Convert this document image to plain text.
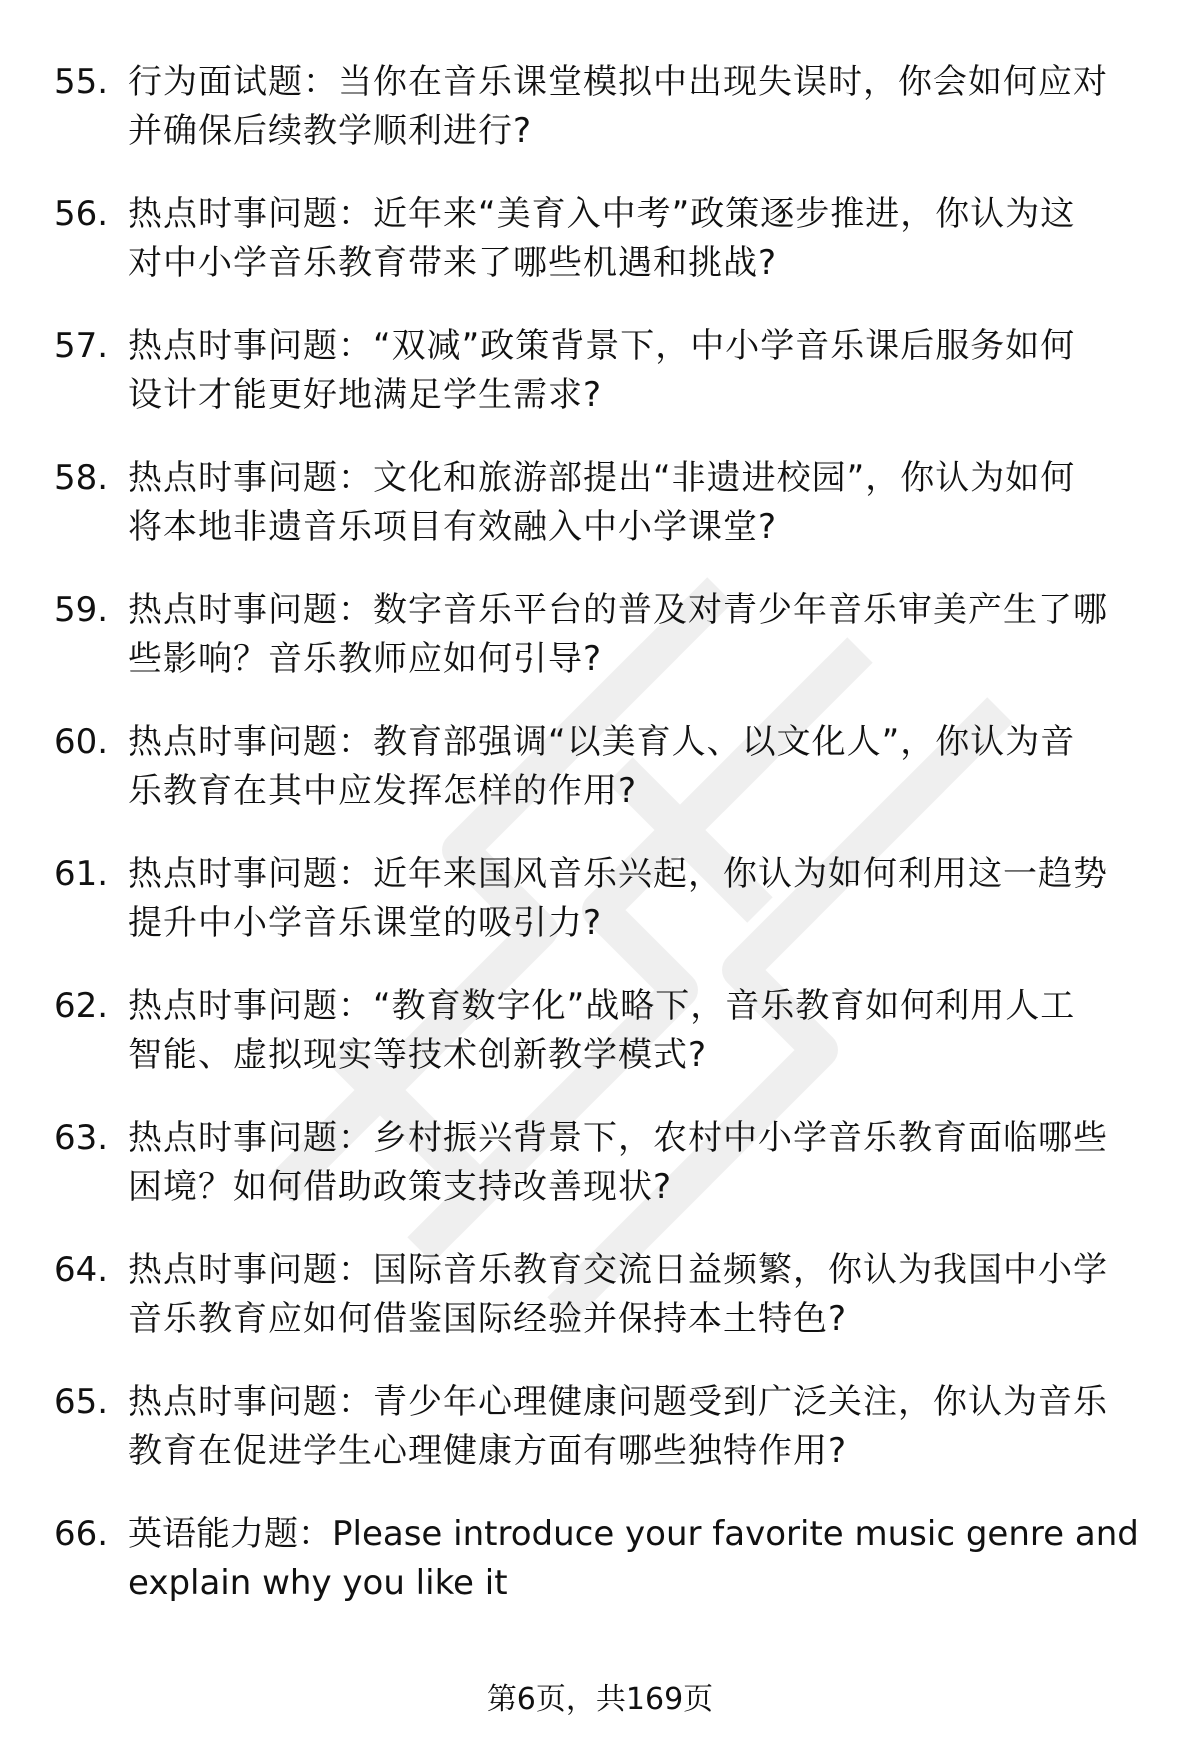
55. 行为面试题：当你在音乐课堂模拟中出现失误时，你会如何应对
并确保后续教学顺利进行?
56. 热点时事问题：近年来“美育入中考”政策逐步推进，你认为这
对中小学音乐教育带来了哪些机遇和挑战?
57. 热点时事问题：“双减”政策背景下，中小学音乐课后服务如何
设计才能更好地满足学生需求?
58. 热点时事问题：文化和旅游部提出“非遗进校园”，你认为如何
将本地非遗音乐项目有效融入中小学课堂?
59. 热点时事问题：数字音乐平台的普及对青少年音乐审美产生了哪
些影响？音乐教师应如何引导?
60. 热点时事问题：教育部强调“以美育人、以文化人”，你认为音
乐教育在其中应发挥怎样的作用?
61. 热点时事问题：近年来国风音乐兴起，你认为如何利用这一趋势
提升中小学音乐课堂的吸引力?
62. 热点时事问题：“教育数字化”战略下，音乐教育如何利用人工
智能、虚拟现实等技术创新教学模式?
63. 热点时事问题：乡村振兴背景下，农村中小学音乐教育面临哪些
困境？如何借助政策支持改善现状?
64. 热点时事问题：国际音乐教育交流日益频繁，你认为我国中小学
音乐教育应如何借鉴国际经验并保持本土特色?
65. 热点时事问题：青少年心理健康问题受到广泛关注，你认为音乐
教育在促进学生心理健康方面有哪些独特作用?
66. 英语能力题：Please introduce your favorite music genre and
explain why you like it
第6页，共169页
